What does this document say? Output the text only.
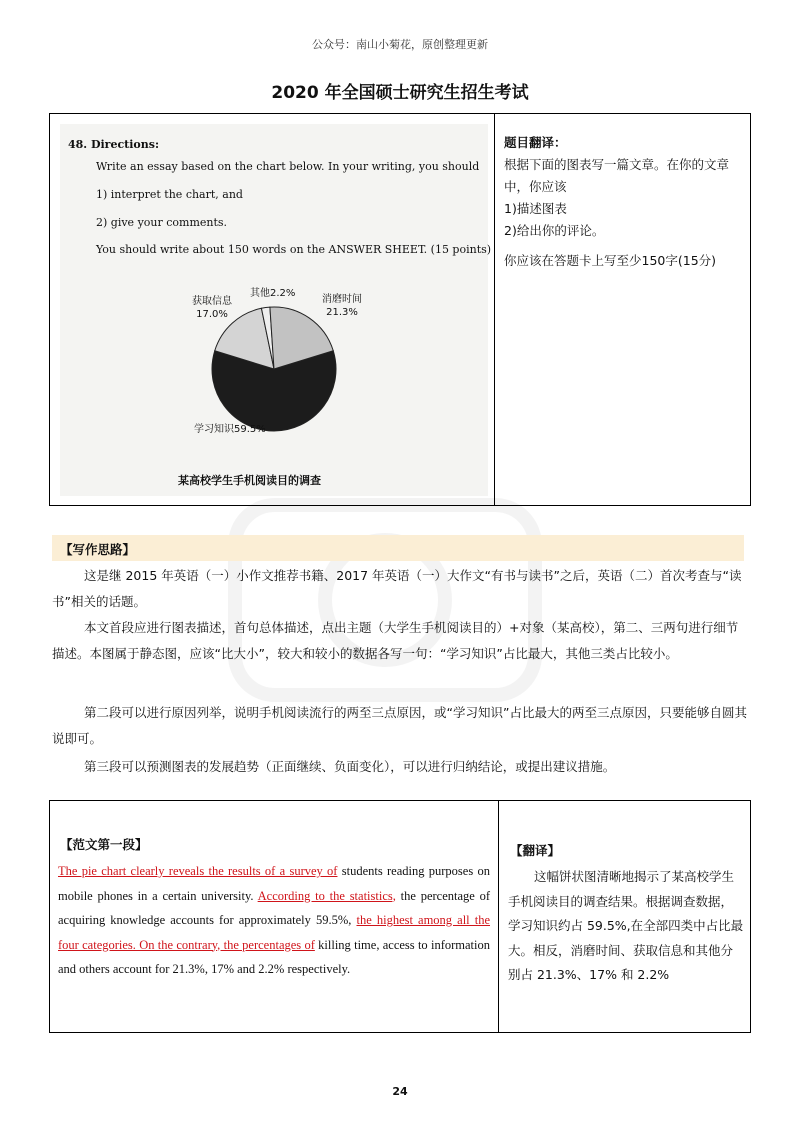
公众号：南山小菊花，原创整理更新
2020 年全国硕士研究生招生考试
48. Directions:
Write an essay based on the chart below. In your writing, you should
1) interpret the chart, and
2) give your comments.
You should write about 150 words on the ANSWER SHEET. (15 points)
学习知识59.5%
获取信息
17.0%
其他2.2%
消磨时间
21.3%
某高校学生手机阅读目的调查

题目翻译：

根据下面的图表写一篇文章。在你的文章中，你应该

1)描述图表

2)给出你的评论。

你应该在答题卡上写至少150字(15分)

【写作思路】

这是继 2015 年英语（一）小作文推荐书籍、2017 年英语（一）大作文“有书与读书”之后，英语（二）首次考查与“读书”相关的话题。

本文首段应进行图表描述，首句总体描述，点出主题（大学生手机阅读目的）+对象（某高校），第二、三两句进行细节描述。本图属于静态图，应该“比大小”，较大和较小的数据各写一句：“学习知识”占比最大，其他三类占比较小。

第二段可以进行原因列举，说明手机阅读流行的两至三点原因，或“学习知识”占比最大的两至三点原因，只要能够自圆其说即可。

第三段可以预测图表的发展趋势（正面继续、负面变化），可以进行归纳结论，或提出建议措施。

【范文第一段】
The pie chart clearly reveals the results of a survey of students reading purposes on mobile phones in a certain university. According to the statistics, the percentage of acquiring knowledge accounts for approximately 59.5%, the highest among all the four categories. On the contrary, the percentages of killing time, access to information and others account for 21.3%, 17% and 2.2% respectively.
【翻译】
这幅饼状图清晰地揭示了某高校学生手机阅读目的调查结果。根据调查数据，学习知识约占 59.5%,在全部四类中占比最大。相反，消磨时间、获取信息和其他分别占 21.3%、17% 和 2.2%
24
